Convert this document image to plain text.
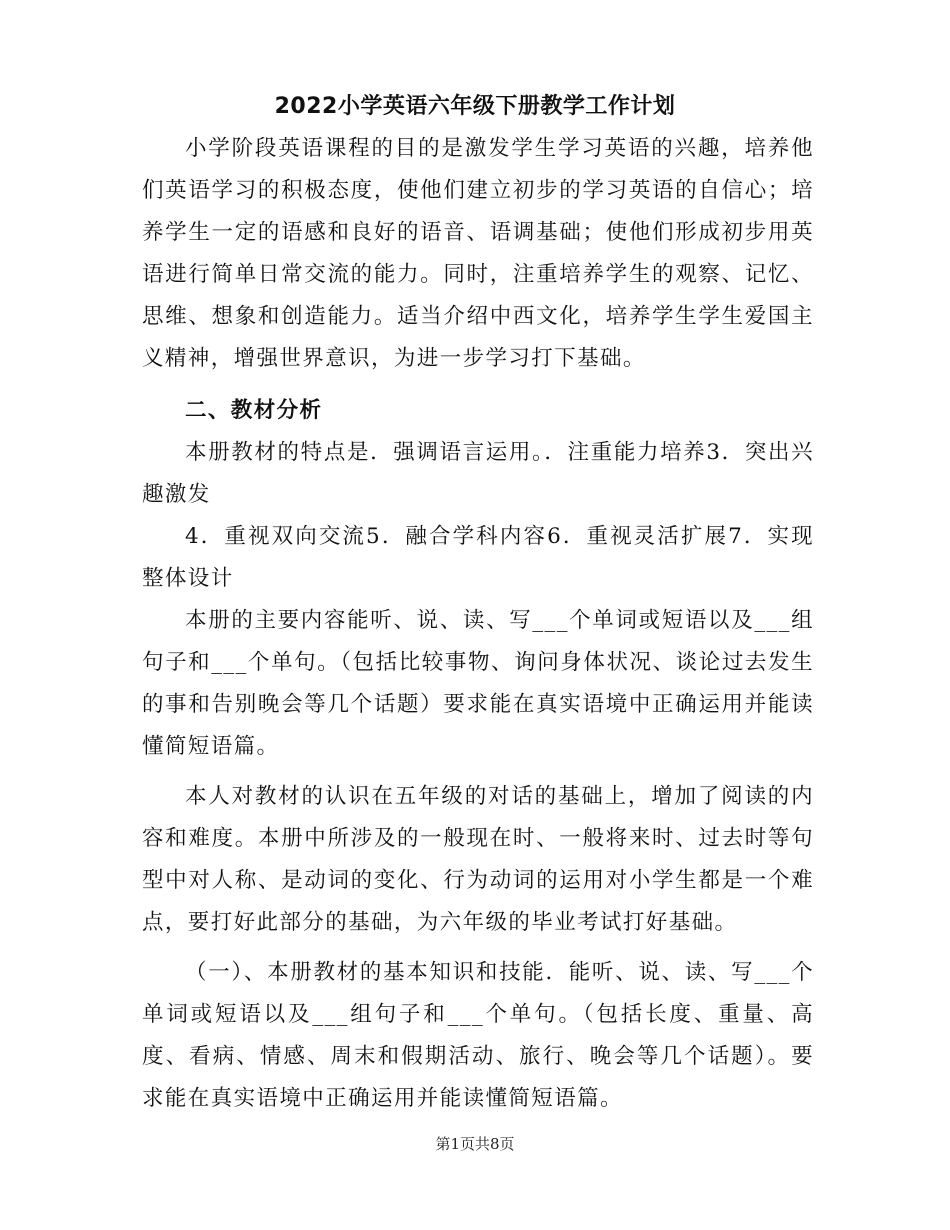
2022小学英语六年级下册教学工作计划

小学阶段英语课程的目的是激发学生学习英语的兴趣，培养他们英语学习的积极态度，使他们建立初步的学习英语的自信心；培养学生一定的语感和良好的语音、语调基础；使他们形成初步用英语进行简单日常交流的能力。同时，注重培养学生的观察、记忆、思维、想象和创造能力。适当介绍中西文化，培养学生学生爱国主义精神，增强世界意识，为进一步学习打下基础。

二、教材分析

本册教材的特点是．强调语言运用。．注重能力培养3．突出兴趣激发

4．重视双向交流5．融合学科内容6．重视灵活扩展7．实现整体设计

本册的主要内容能听、说、读、写___个单词或短语以及___组句子和___个单句。（包括比较事物、询问身体状况、谈论过去发生的事和告别晚会等几个话题）要求能在真实语境中正确运用并能读懂简短语篇。

本人对教材的认识在五年级的对话的基础上，增加了阅读的内容和难度。本册中所涉及的一般现在时、一般将来时、过去时等句型中对人称、是动词的变化、行为动词的运用对小学生都是一个难点，要打好此部分的基础，为六年级的毕业考试打好基础。

（一）、本册教材的基本知识和技能．能听、说、读、写___个单词或短语以及___组句子和___个单句。（包括长度、重量、高度、看病、情感、周末和假期活动、旅行、晚会等几个话题）。要求能在真实语境中正确运用并能读懂简短语篇。

第1页共8页
